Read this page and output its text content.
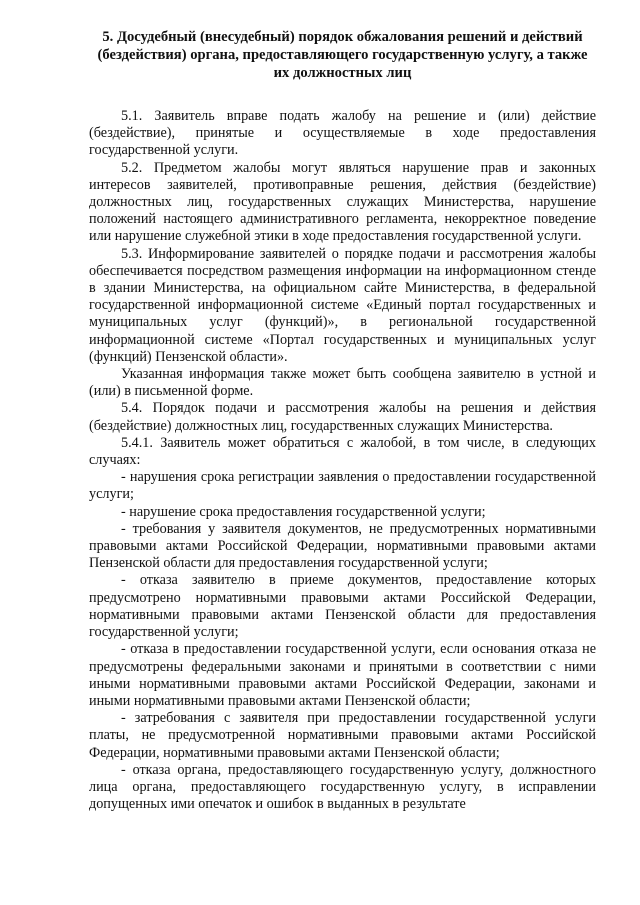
5. Досудебный (внесудебный) порядок обжалования решений и действий (бездействия) органа, предоставляющего государственную услугу, а также их должностных лиц

5.1. Заявитель вправе подать жалобу на решение и (или) действие (бездействие), принятые и осуществляемые в ходе предоставления государственной услуги.

5.2. Предметом жалобы могут являться нарушение прав и законных интересов заявителей, противоправные решения, действия (бездействие) должностных лиц, государственных служащих Министерства, нарушение положений настоящего административного регламента, некорректное поведение или нарушение служебной этики в ходе предоставления государственной услуги.

5.3. Информирование заявителей о порядке подачи и рассмотрения жалобы обеспечивается посредством размещения информации на информационном стенде в здании Министерства, на официальном сайте Министерства, в федеральной государственной информационной системе «Единый портал государственных и муниципальных услуг (функций)», в региональной государственной информационной системе «Портал государственных и муниципальных услуг (функций) Пензенской области».

Указанная информация также может быть сообщена заявителю в устной и (или) в письменной форме.

5.4. Порядок подачи и рассмотрения жалобы на решения и действия (бездействие) должностных лиц, государственных служащих Министерства.

5.4.1. Заявитель может обратиться с жалобой, в том числе, в следующих случаях:

- нарушения срока регистрации заявления о предоставлении государственной услуги;

- нарушение срока предоставления государственной услуги;

- требования у заявителя документов, не предусмотренных нормативными правовыми актами Российской Федерации, нормативными правовыми актами Пензенской области для предоставления государственной услуги;

- отказа заявителю в приеме документов, предоставление которых предусмотрено нормативными правовыми актами Российской Федерации, нормативными правовыми актами Пензенской области для предоставления государственной услуги;

- отказа в предоставлении государственной услуги, если основания отказа не предусмотрены федеральными законами и принятыми в соответствии с ними иными нормативными правовыми актами Российской Федерации, законами и иными нормативными правовыми актами Пензенской области;

- затребования с заявителя при предоставлении государственной услуги платы, не предусмотренной нормативными правовыми актами Российской Федерации, нормативными правовыми актами Пензенской области;

- отказа органа, предоставляющего государственную услугу, должностного лица органа, предоставляющего государственную услугу, в исправлении допущенных ими опечаток и ошибок в выданных в результате
